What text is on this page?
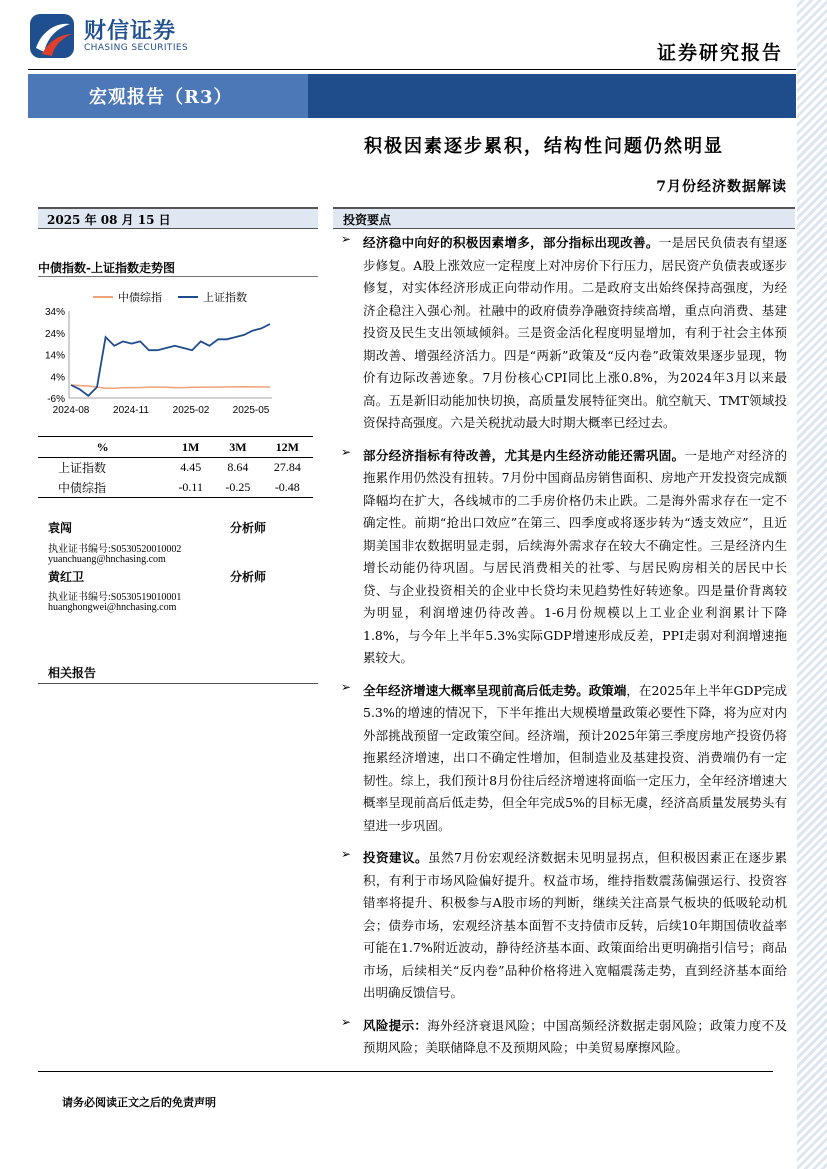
财信证券
CHASING SECURITIES	证券研究报告
宏观报告（R3）
积极因素逐步累积，结构性问题仍然明显
7月份经济数据解读
2025 年 08 月 15 日	投资要点
中债指数-上证指数走势图
中债综指	上证指数
34%
24%
14%
4%
-6%
2024-08 2024-11 2025-02 2025-05
%	1M	3M	12M
上证指数	4.45	8.64	27.84
中债综指	-0.11	-0.25	-0.48
袁闯	分析师
执业证书编号:S0530520010002
yuanchuang@hnchasing.com
黄红卫	分析师
执业证书编号:S0530519010001
huanghongwei@hnchasing.com
相关报告
➢ 经济稳中向好的积极因素增多，部分指标出现改善。一是居民负债表有望逐步修复。A股上涨效应一定程度上对冲房价下行压力，居民资产负债表或逐步修复，对实体经济形成正向带动作用。二是政府支出始终保持高强度，为经济企稳注入强心剂。社融中的政府债券净融资持续高增，重点向消费、基建投资及民生支出领域倾斜。三是资金活化程度明显增加，有利于社会主体预期改善、增强经济活力。四是“两新”政策及“反内卷”政策效果逐步显现，物价有边际改善迹象。7月份核心CPI同比上涨0.8%，为2024年3月以来最高。五是新旧动能加快切换，高质量发展特征突出。航空航天、TMT领域投资保持高强度。六是关税扰动最大时期大概率已经过去。
➢ 部分经济指标有待改善，尤其是内生经济动能还需巩固。一是地产对经济的拖累作用仍然没有扭转。7月份中国商品房销售面积、房地产开发投资完成额降幅均在扩大，各线城市的二手房价格仍未止跌。二是海外需求存在一定不确定性。前期“抢出口效应”在第三、四季度或将逐步转为“透支效应”，且近期美国非农数据明显走弱，后续海外需求存在较大不确定性。三是经济内生增长动能仍待巩固。与居民消费相关的社零、与居民购房相关的居民中长贷、与企业投资相关的企业中长贷均未见趋势性好转迹象。四是量价背离较为明显，利润增速仍待改善。1-6月份规模以上工业企业利润累计下降1.8%，与今年上半年5.3%实际GDP增速形成反差，PPI走弱对利润增速拖累较大。
➢ 全年经济增速大概率呈现前高后低走势。政策端，在2025年上半年GDP完成5.3%的增速的情况下，下半年推出大规模增量政策必要性下降，将为应对内外部挑战预留一定政策空间。经济端，预计2025年第三季度房地产投资仍将拖累经济增速，出口不确定性增加，但制造业及基建投资、消费端仍有一定韧性。综上，我们预计8月份往后经济增速将面临一定压力，全年经济增速大概率呈现前高后低走势，但全年完成5%的目标无虞，经济高质量发展势头有望进一步巩固。
➢ 投资建议。虽然7月份宏观经济数据未见明显拐点，但积极因素正在逐步累积，有利于市场风险偏好提升。权益市场，维持指数震荡偏强运行、投资容错率将提升、积极参与A股市场的判断，继续关注高景气板块的低吸轮动机会；债券市场，宏观经济基本面暂不支持债市反转，后续10年期国债收益率可能在1.7%附近波动，静待经济基本面、政策面给出更明确指引信号；商品市场，后续相关“反内卷”品种价格将进入宽幅震荡走势，直到经济基本面给出明确反馈信号。
➢ 风险提示：海外经济衰退风险；中国高频经济数据走弱风险；政策力度不及预期风险；美联储降息不及预期风险；中美贸易摩擦风险。
请务必阅读正文之后的免责声明
